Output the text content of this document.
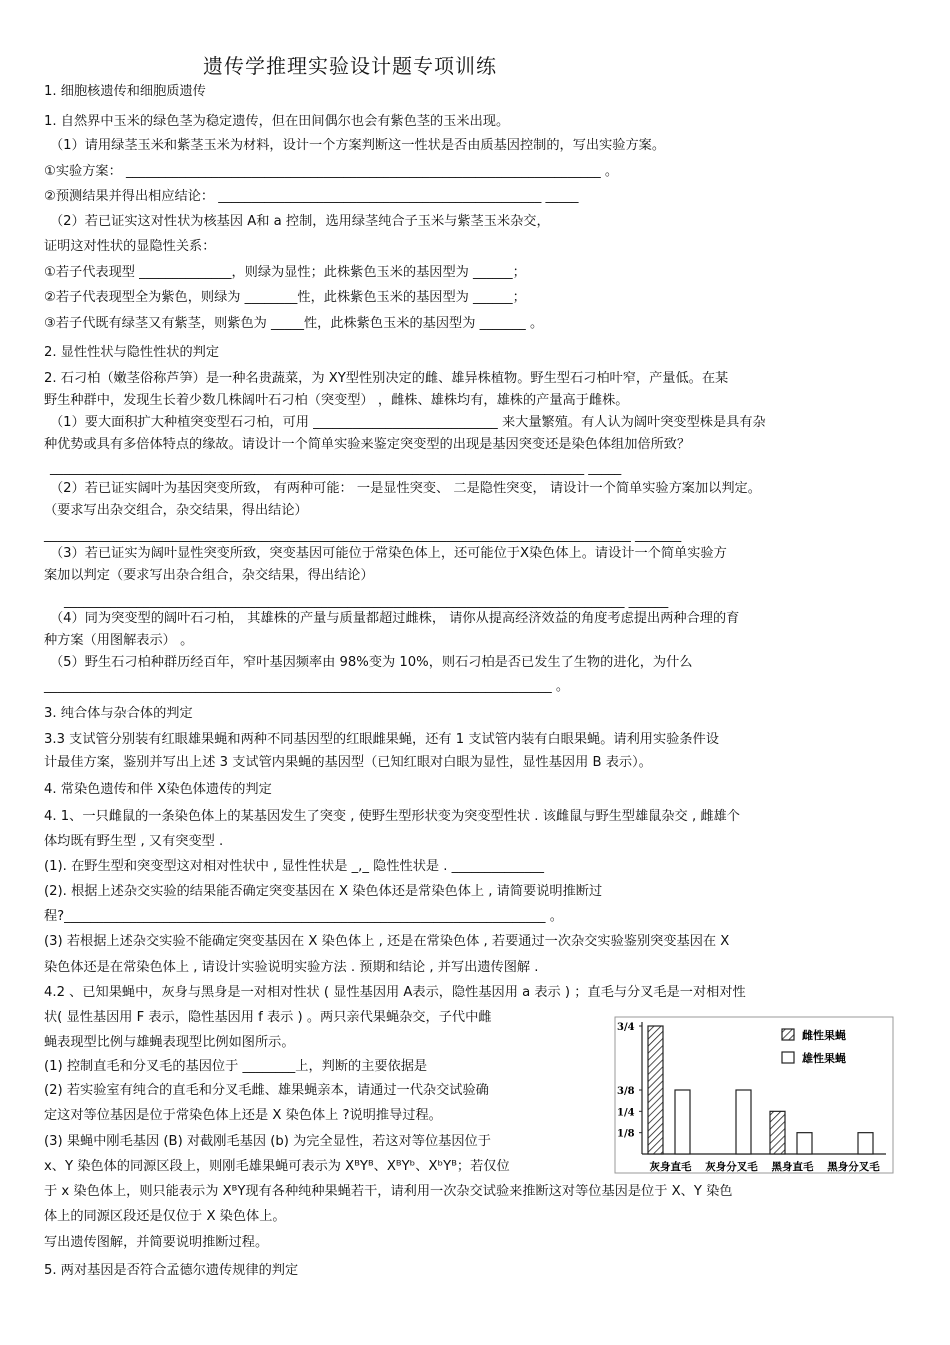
遗传学推理实验设计题专项训练
1. 细胞核遗传和细胞质遗传
1. 自然界中玉米的绿色茎为稳定遗传，但在田间偶尔也会有紫色茎的玉米出现。
（1）请用绿茎玉米和紫茎玉米为材料，设计一个方案判断这一性状是否由质基因控制的，写出实验方案。
①实验方案： ________________________________________________________________________ 。
②预测结果并得出相应结论： _________________________________________________ _____
（2）若已证实这对性状为核基因 A和 a 控制，选用绿茎纯合子玉米与紫茎玉米杂交，
证明这对性状的显隐性关系：
①若子代表现型 ______________，则绿为显性；此株紫色玉米的基因型为 ______；
②若子代表现型全为紫色，则绿为 ________性，此株紫色玉米的基因型为 ______；
③若子代既有绿茎又有紫茎，则紫色为 _____性，此株紫色玉米的基因型为 _______ 。
2. 显性性状与隐性性状的判定
2. 石刁柏（嫩茎俗称芦笋）是一种名贵蔬菜，为 XY型性别决定的雌、雄异株植物。野生型石刁柏叶窄，产量低。在某
野生种群中，发现生长着少数几株阔叶石刁柏（突变型） ，雌株、雄株均有，雄株的产量高于雌株。
（1）要大面积扩大种植突变型石刁柏，可用 ____________________________ 来大量繁殖。有人认为阔叶突变型株是具有杂
种优势或具有多倍体特点的缘故。请设计一个简单实验来鉴定突变型的出现是基因突变还是染色体组加倍所致？
_________________________________________________________________________________ _____
（2）若已证实阔叶为基因突变所致， 有两种可能： 一是显性突变、 二是隐性突变， 请设计一个简单实验方案加以判定。
（要求写出杂交组合，杂交结果，得出结论）
_________________________________________________________________________________________ _______
（3）若已证实为阔叶显性突变所致，突变基因可能位于常染色体上，还可能位于X染色体上。请设计一个简单实验方
案加以判定（要求写出杂合组合，杂交结果，得出结论）
_____________________________________________________________________________________ ______
（4）同为突变型的阔叶石刁柏， 其雄株的产量与质量都超过雌株， 请你从提高经济效益的角度考虑提出两种合理的育
种方案（用图解表示） 。
（5）野生石刁柏种群历经百年，窄叶基因频率由 98%变为 10%，则石刁柏是否已发生了生物的进化，为什么
_____________________________________________________________________________ 。
3. 纯合体与杂合体的判定
3.3 支试管分别装有红眼雄果蝇和两种不同基因型的红眼雌果蝇，还有 1 支试管内装有白眼果蝇。请利用实验条件设
计最佳方案，鉴别并写出上述 3 支试管内果蝇的基因型（已知红眼对白眼为显性，显性基因用 B 表示）。
4. 常染色遗传和伴 X染色体遗传的判定
4. 1、一只雌鼠的一条染色体上的某基因发生了突变 , 使野生型形状变为突变型性状 . 该雌鼠与野生型雄鼠杂交 , 雌雄个
体均既有野生型 , 又有突变型 .
(1). 在野生型和突变型这对相对性状中 , 显性性状是 _,_ 隐性性状是 . ______________
(2). 根据上述杂交实验的结果能否确定突变基因在 X 染色体还是常染色体上 , 请简要说明推断过
程?_________________________________________________________________________ 。
(3) 若根据上述杂交实验不能确定突变基因在 X 染色体上 , 还是在常染色体 , 若要通过一次杂交实验鉴别突变基因在 X
染色体还是在常染色体上 , 请设计实验说明实验方法 . 预期和结论 , 并写出遗传图解 .
4.2 、已知果蝇中，灰身与黑身是一对相对性状 ( 显性基因用 A表示，隐性基因用 a 表示 ) ；直毛与分叉毛是一对相对性
状( 显性基因用 F 表示，隐性基因用 f 表示 ) 。两只亲代果蝇杂交，子代中雌
蝇表现型比例与雄蝇表现型比例如图所示。
(1) 控制直毛和分叉毛的基因位于 ________上，判断的主要依据是
(2) 若实验室有纯合的直毛和分叉毛雌、雄果蝇亲本，请通过一代杂交试验确
定这对等位基因是位于常染色体上还是 X 染色体上 ?说明推导过程。
(3) 果蝇中刚毛基因 (B) 对截刚毛基因 (b) 为完全显性，若这对等位基因位于
x、Y 染色体的同源区段上，则刚毛雄果蝇可表示为 XᴮYᴮ、XᴮYᵇ、XᵇYᴮ；若仅位
于 x 染色体上，则只能表示为 XᴮY现有各种纯种果蝇若干，请利用一次杂交试验来推断这对等位基因是位于 X、Y 染色
体上的同源区段还是仅位于 X 染色体上。
写出遗传图解，并简要说明推断过程。
5. 两对基因是否符合孟德尔遗传规律的判定
3/4
3/8
1/4
1/8
灰身直毛 灰身分叉毛 黑身直毛 黑身分叉毛
雌性果蝇
雄性果蝇
